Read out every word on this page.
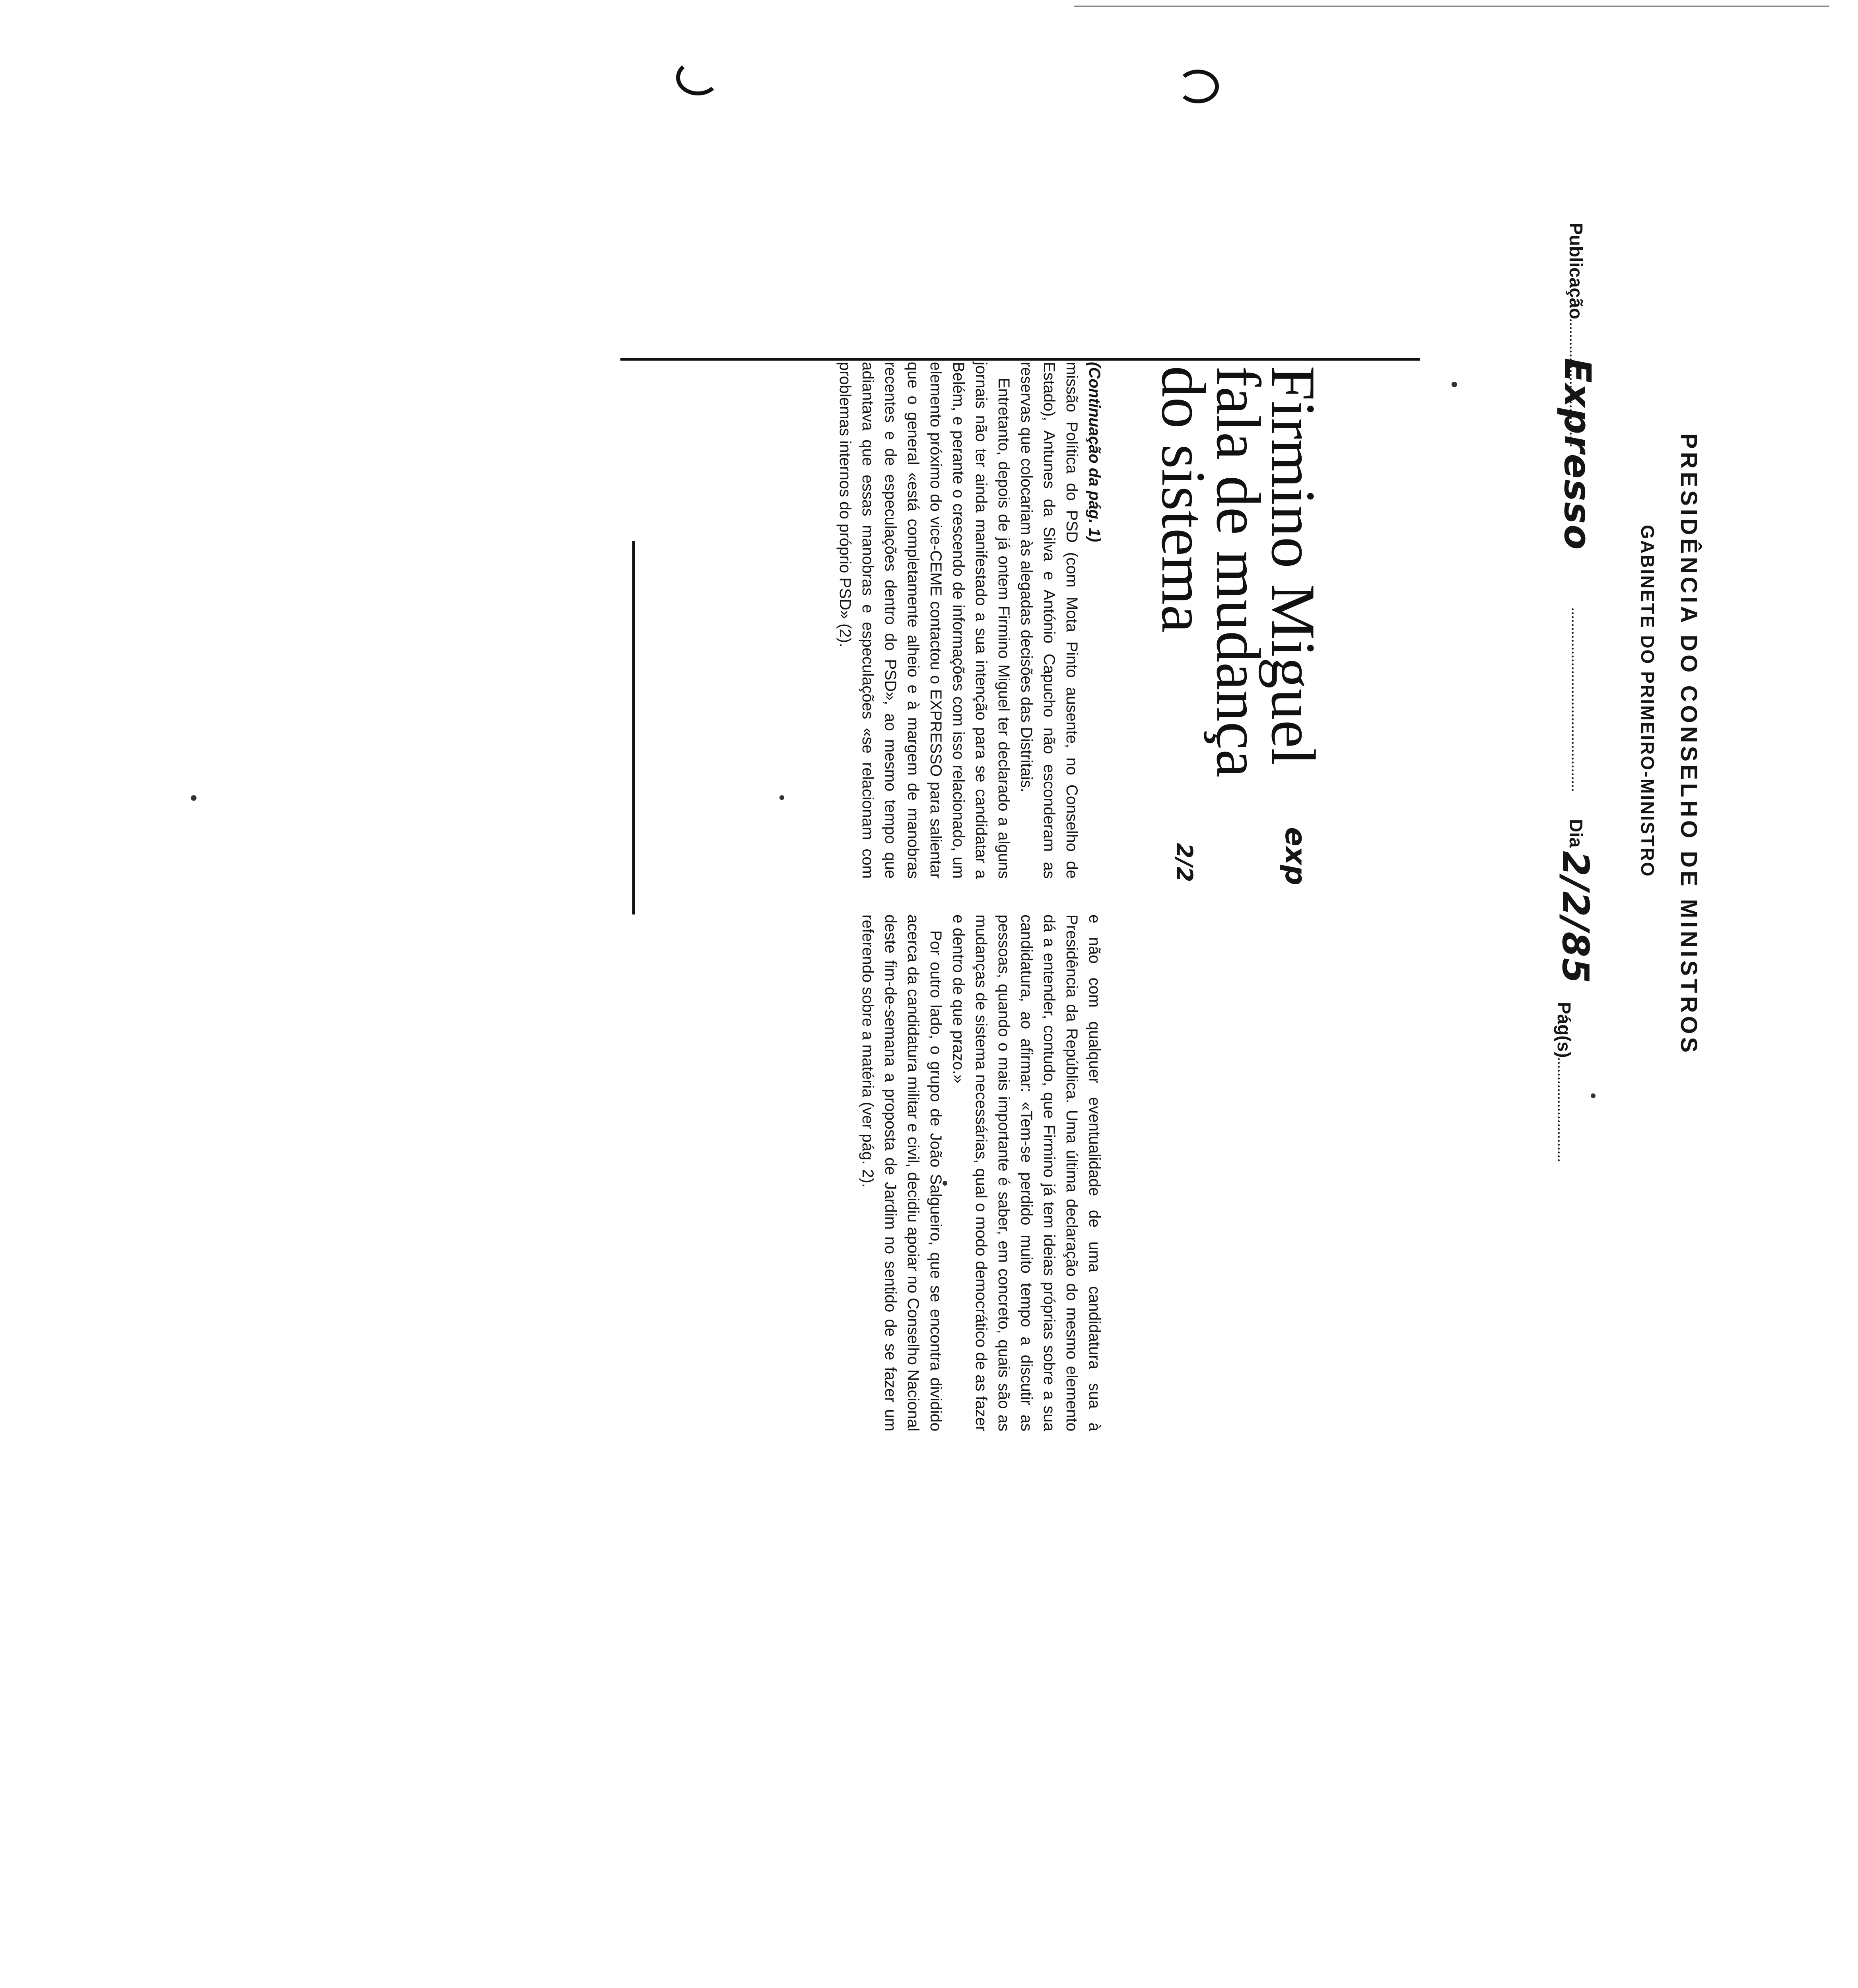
PRESIDÊNCIA DO CONSELHO DE MINISTROS
GABINETE DO PRIMEIRO-MINISTRO
Publicação
Expresso
Dia
2/2/85
Pág(s)
Firmino Miguel
fala de mudança
do sistema
exp
2/2

(Continuação da pág. 1)

missão Política do PSD (com Mota Pinto ausente, no Conselho de Estado), Antunes da Silva e António Capucho não esconderam as reservas que colocariam às alegadas decisões das Distritais.

Entretanto, depois de já ontem Firmino Miguel ter declarado a alguns jornais não ter ainda manifestado a sua intenção para se candidatar a Belém, e perante o crescendo de informações com isso relacionado, um elemento próximo do vice-CEME contactou o EXPRESSO para salientar que o general «está completamente alheio e à margem de manobras recentes e de especulações dentro do PSD», ao mesmo tempo que adiantava que essas manobras e especulações «se relacionam com problemas internos do próprio PSD» (2).

e não com qualquer eventualidade de uma candidatura sua à Presidência da República. Uma última declaração do mesmo elemento dá a entender, contudo, que Firmino já tem ideias próprias sobre a sua candidatura, ao afirmar: «Tem-se perdido muito tempo a discutir as pessoas, quando o mais importante é saber, em concreto, quais são as mudanças de sistema necessárias, qual o modo democrático de as fazer e dentro de que prazo.»

Por outro lado, o grupo de João Salgueiro, que se encontra dividido acerca da candidatura militar e civil, decidiu apoiar no Conselho Nacional deste fim-de-semana a proposta de Jardim no sentido de se fazer um referendo sobre a matéria (ver pág. 2).
